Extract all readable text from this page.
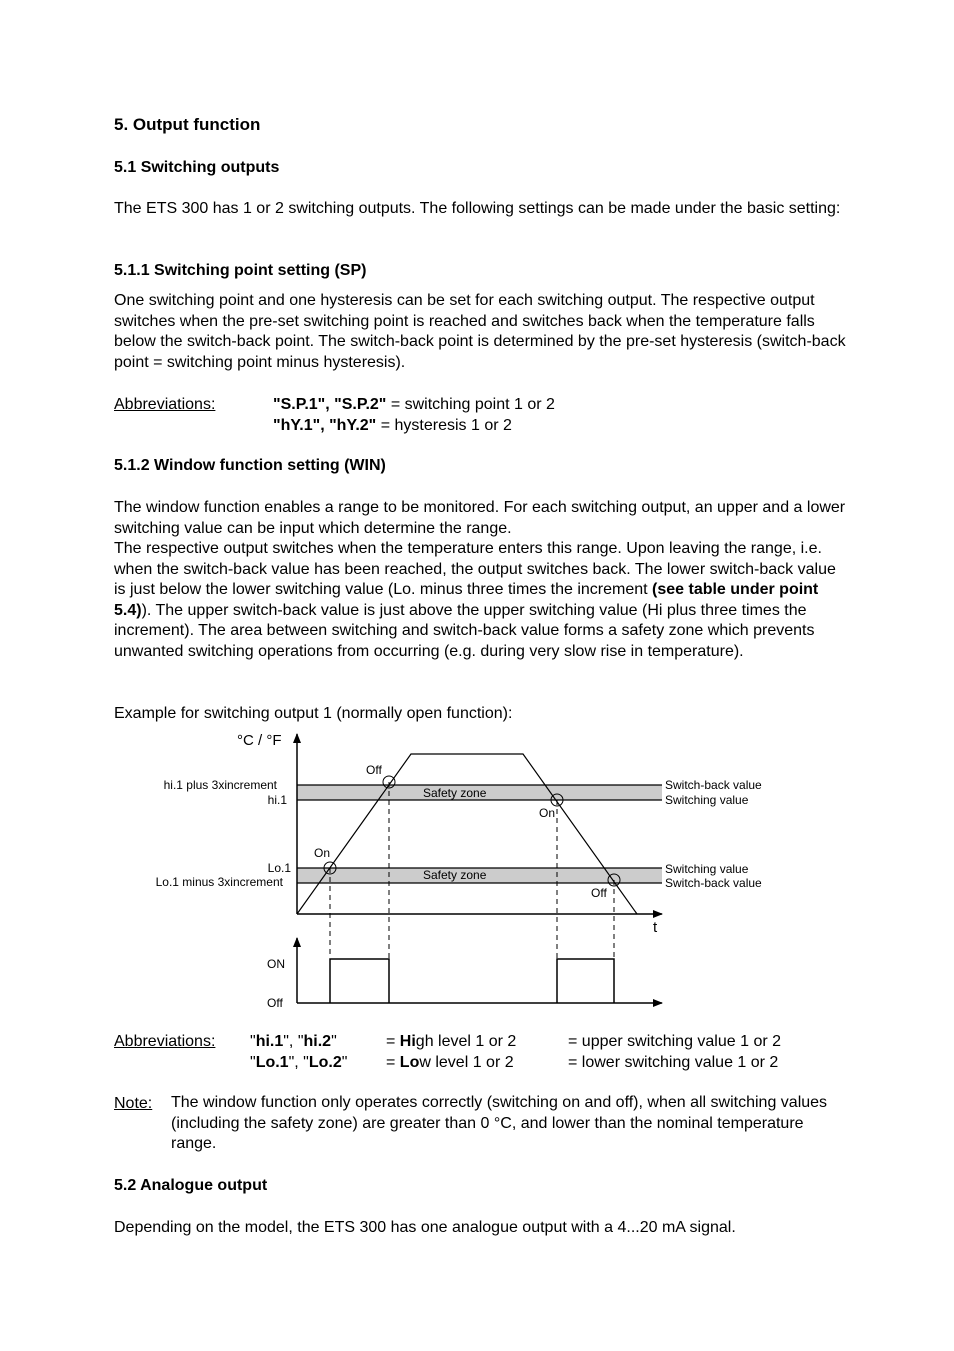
5. Output function
5.1 Switching outputs

The ETS 300 has 1 or 2 switching outputs. The following settings can be made under the basic setting:

5.1.1 Switching point setting (SP)

One switching point and one hysteresis can be set for each switching output. The respective output switches when the pre-set switching point is reached and switches back when the temperature falls below the switch-back point. The switch-back point is determined by the pre-set hysteresis (switch-back point = switching point minus hysteresis).

Abbreviations:	"S.P.1", "S.P.2" = switching point 1 or 2
"hY.1", "hY.2" = hysteresis 1 or 2
5.1.2 Window function setting (WIN)

The window function enables a range to be monitored. For each switching output, an upper and a lower switching value can be input which determine the range.

The respective output switches when the temperature enters this range. Upon leaving the range, i.e. when the switch-back value has been reached, the output switches back. The lower switch-back value is just below the lower switching value (Lo. minus three times the increment (see table under point 5.4)). The upper switch-back value is just above the upper switching value (Hi plus three times the increment). The area between switching and switch-back value forms a safety zone which prevents unwanted switching operations from occurring (e.g. during very slow rise in temperature).

Example for switching output 1 (normally open function):

°C / °F
t
hi.1 plus 3xincrement
hi.1
Lo.1
Lo.1 minus 3xincrement
Safety zone
Safety zone
Switch-back value
Switching value
Switching value
Switch-back value
Off
On
On
Off
ON
Off
Abbreviations: "hi.1", "hi.2"
"Lo.1", "Lo.2"
= High level 1 or 2
= Low level 1 or 2
= upper switching value 1 or 2
= lower switching value 1 or 2
Note: The window function only operates correctly (switching on and off), when all switching values (including the safety zone) are greater than 0 °C, and lower than the nominal temperature range.

5.2 Analogue output

Depending on the model, the ETS 300 has one analogue output with a 4...20 mA signal.
